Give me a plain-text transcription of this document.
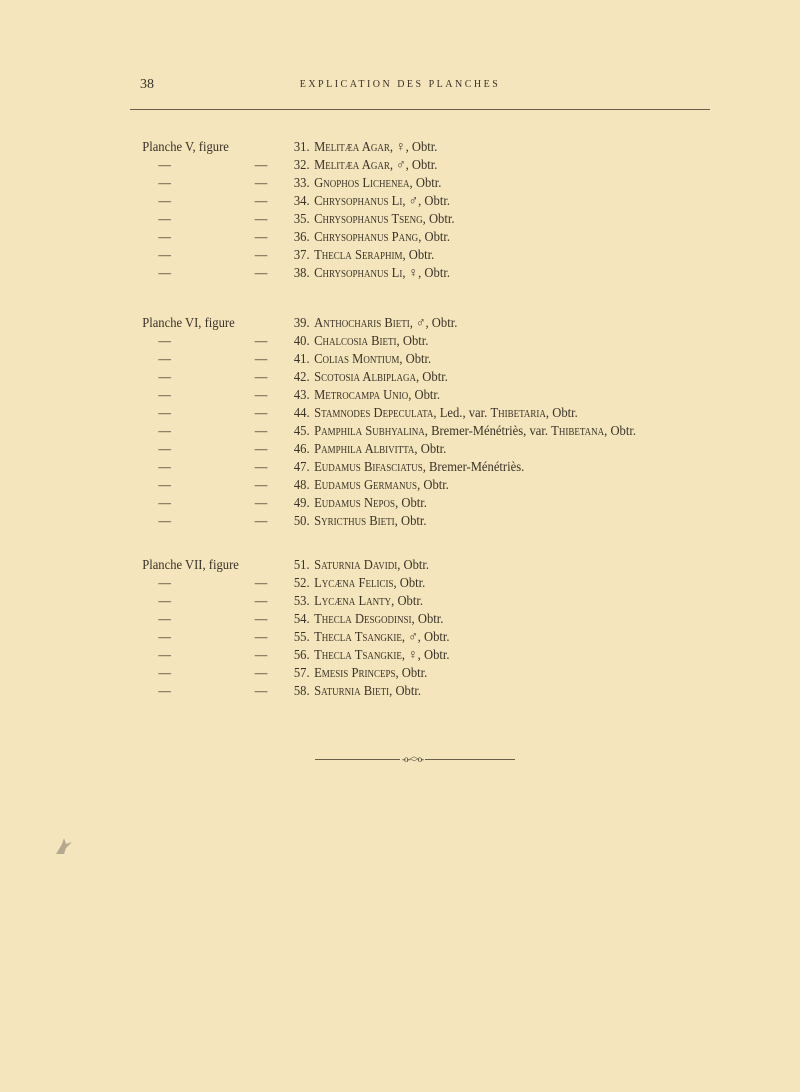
38	EXPLICATION DES PLANCHES
Planche V, figure	31. Melitæa Agar, ♀, Obtr.
—	—	32. Melitæa Agar, ♂, Obtr.
—	—	33. Gnophos Lichenea, Obtr.
—	—	34. Chrysophanus Li, ♂, Obtr.
—	—	35. Chrysophanus Tseng, Obtr.
—	—	36. Chrysophanus Pang, Obtr.
—	—	37. Thecla Seraphim, Obtr.
—	—	38. Chrysophanus Li, ♀, Obtr.
Planche VI, figure	39. Anthocharis Bieti, ♂, Obtr.
—	—	40. Chalcosia Bieti, Obtr.
—	—	41. Colias Montium, Obtr.
—	—	42. Scotosia Albiplaga, Obtr.
—	—	43. Metrocampa Unio, Obtr.
—	—	44. Stamnodes Depeculata, Led., var. Thibetaria, Obtr.
—	—	45. Pamphila Subhyalina, Bremer-Ménétriès, var. Thibetana, Obtr.
—	—	46. Pamphila Albivitta, Obtr.
—	—	47. Eudamus Bifasciatus, Bremer-Ménétriès.
—	—	48. Eudamus Germanus, Obtr.
—	—	49. Eudamus Nepos, Obtr.
—	—	50. Syricthus Bieti, Obtr.
Planche VII, figure	51. Saturnia Davidi, Obtr.
—	—	52. Lycæna Felicis, Obtr.
—	—	53. Lycæna Lanty, Obtr.
—	—	54. Thecla Desgodinsi, Obtr.
—	—	55. Thecla Tsangkie, ♂, Obtr.
—	—	56. Thecla Tsangkie, ♀, Obtr.
—	—	57. Emesis Princeps, Obtr.
—	—	58. Saturnia Bieti, Obtr.
-o-<>o-
